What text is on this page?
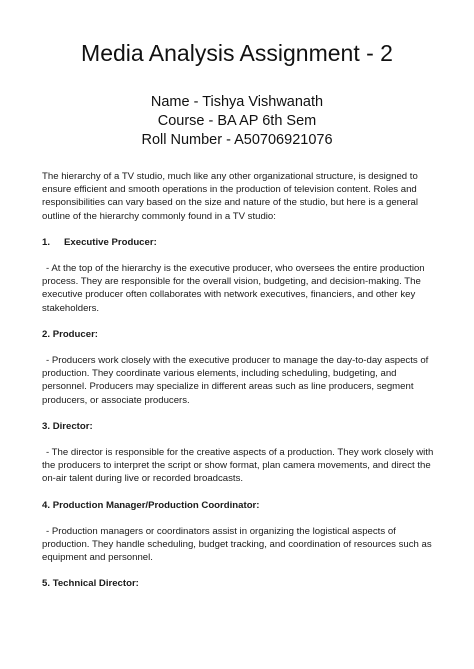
Media Analysis Assignment - 2
Name - Tishya Vishwanath
Course - BA AP 6th Sem
Roll Number - A50706921076

The hierarchy of a TV studio, much like any other organizational structure, is designed to ensure efficient and smooth operations in the production of television content. Roles and responsibilities can vary based on the size and nature of the studio, but here is a general outline of the hierarchy commonly found in a TV studio:

1. Executive Producer:

- At the top of the hierarchy is the executive producer, who oversees the entire production process. They are responsible for the overall vision, budgeting, and decision-making. The executive producer often collaborates with network executives, financiers, and other key stakeholders.

2. Producer:

- Producers work closely with the executive producer to manage the day-to-day aspects of production. They coordinate various elements, including scheduling, budgeting, and personnel. Producers may specialize in different areas such as line producers, segment producers, or associate producers.

3. Director:

- The director is responsible for the creative aspects of a production. They work closely with the producers to interpret the script or show format, plan camera movements, and direct the on-air talent during live or recorded broadcasts.

4. Production Manager/Production Coordinator:

- Production managers or coordinators assist in organizing the logistical aspects of production. They handle scheduling, budget tracking, and coordination of resources such as equipment and personnel.

5. Technical Director:
